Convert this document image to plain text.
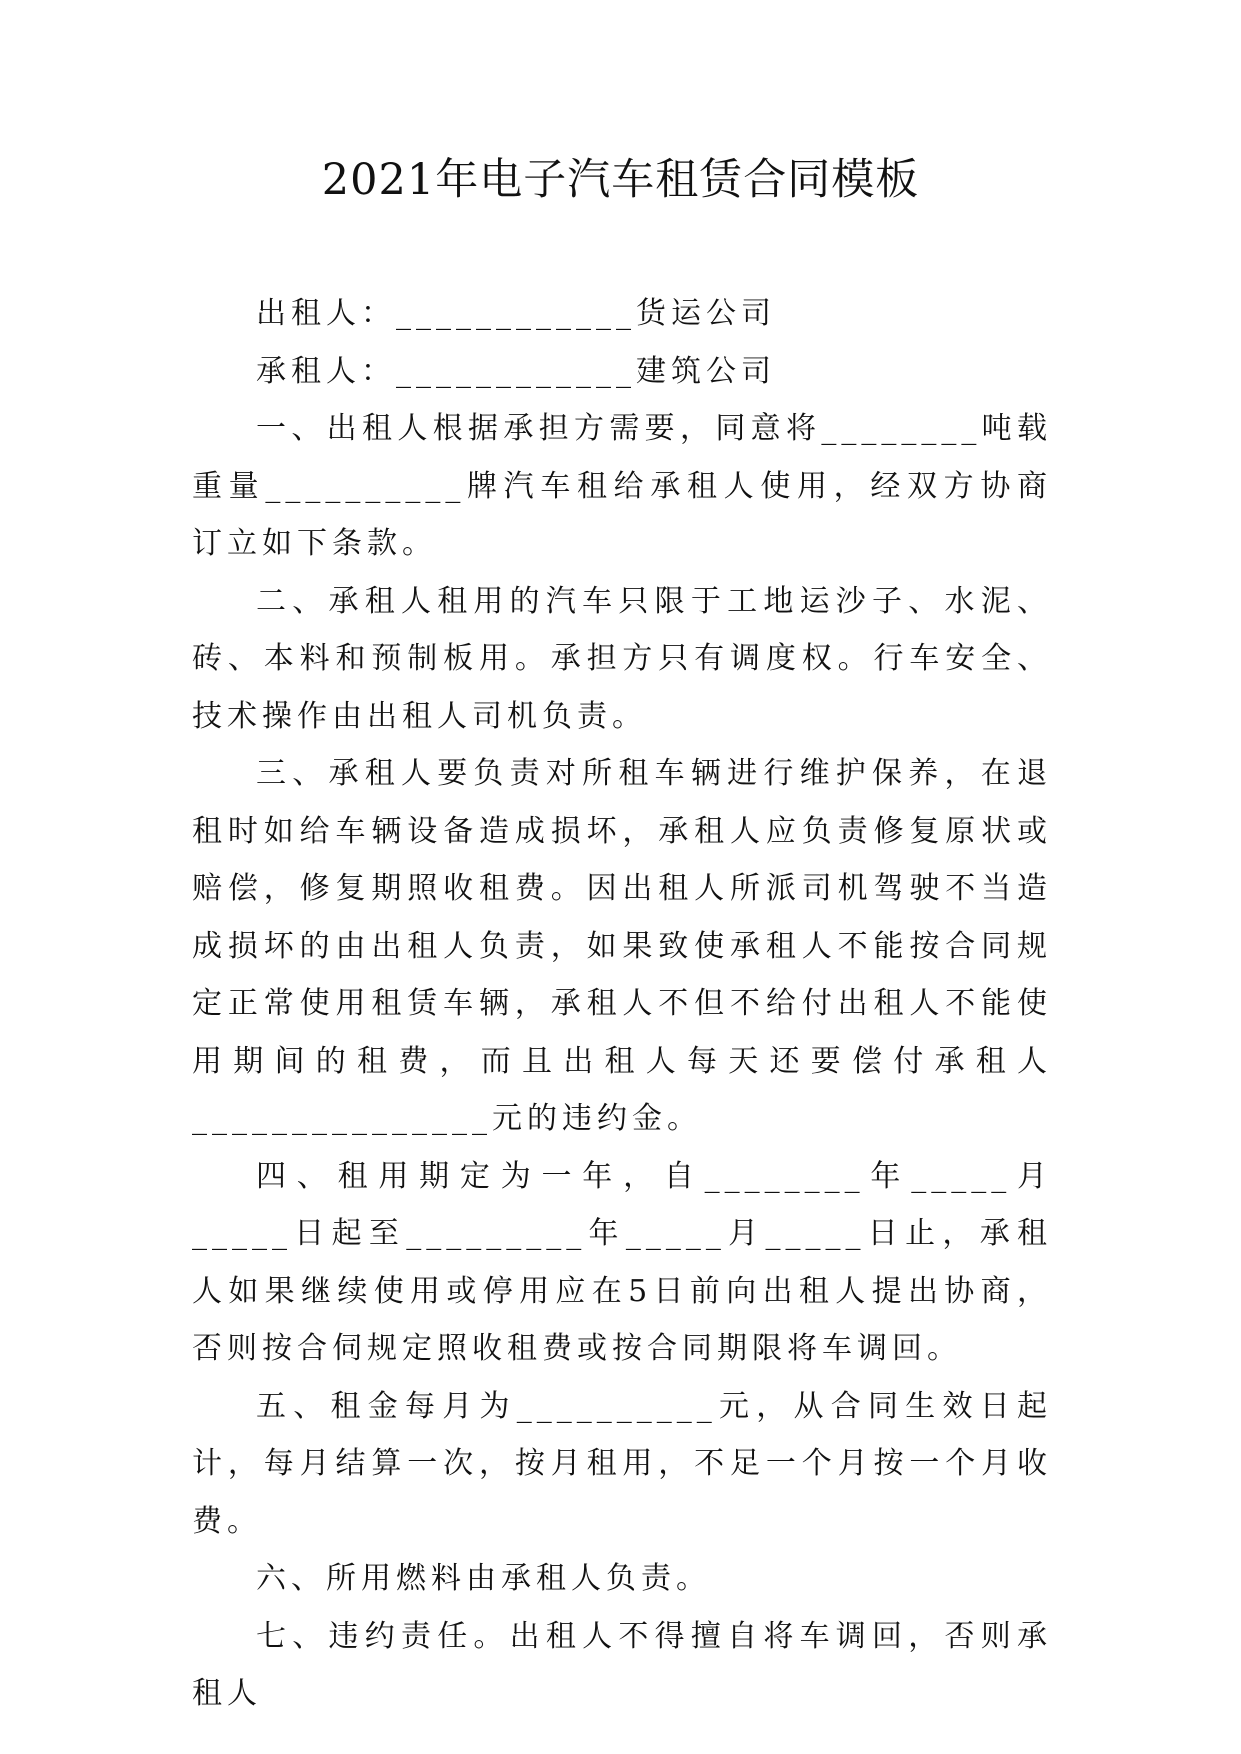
2021年电子汽车租赁合同模板

出租人：____________货运公司

承租人：____________建筑公司

一、出租人根据承担方需要，同意将________吨载重量__________牌汽车租给承租人使用，经双方协商订立如下条款。

二、承租人租用的汽车只限于工地运沙子、水泥、砖、本料和预制板用。承担方只有调度权。行车安全、技术操作由出租人司机负责。

三、承租人要负责对所租车辆进行维护保养，在退租时如给车辆设备造成损坏，承租人应负责修复原状或赔偿，修复期照收租费。因出租人所派司机驾驶不当造成损坏的由出租人负责，如果致使承租人不能按合同规定正常使用租赁车辆，承租人不但不给付出租人不能使用期间的租费，而且出租人每天还要偿付承租人_______________元的违约金。

四、租用期定为一年，自________年_____月_____日起至_________年_____月_____日止，承租人如果继续使用或停用应在5日前向出租人提出协商，否则按合伺规定照收租费或按合同期限将车调回。

五、租金每月为__________元，从合同生效日起计，每月结算一次，按月租用，不足一个月按一个月收费。

六、所用燃料由承租人负责。

七、违约责任。出租人不得擅自将车调回，否则承租人
